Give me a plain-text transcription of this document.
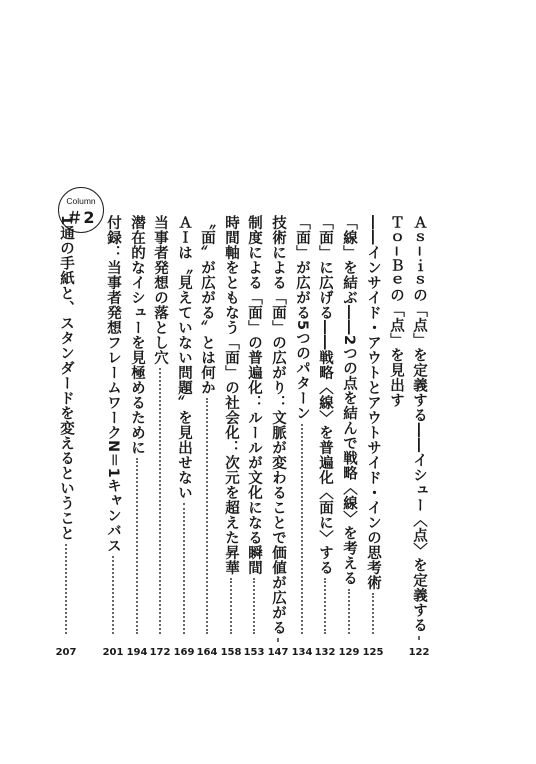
Column
＃2	Ａｓ−ｉｓの「点」を定義する――イシュー〈点〉を定義する
122
Ｔｏ−Ｂｅの「点」を見出す
――インサイド・アウトとアウトサイド・インの思考術
125
「線」を結ぶ――2つの点を結んで戦略〈線〉を考える
129
「面」に広げる――戦略〈線〉を普遍化〈面に〉する
132
「面」が広がる5つのパターン
134
技術による「面」の広がり：文脈が変わることで価値が広がる
147
制度による「面」の普遍化：ルールが文化になる瞬間
153
時間軸をともなう「面」の社会化：次元を超えた昇華
158
〝面〟が広がる〟とは何か
164
ＡＩは〝見えていない問題〟を見出せない
169
当事者発想の落とし穴
172
潜在的なイシューを見極めるために
194
付録：当事者発想フレームワークN＝1キャンバス
201
1通の手紙と、スタンダードを変えるということ
207
